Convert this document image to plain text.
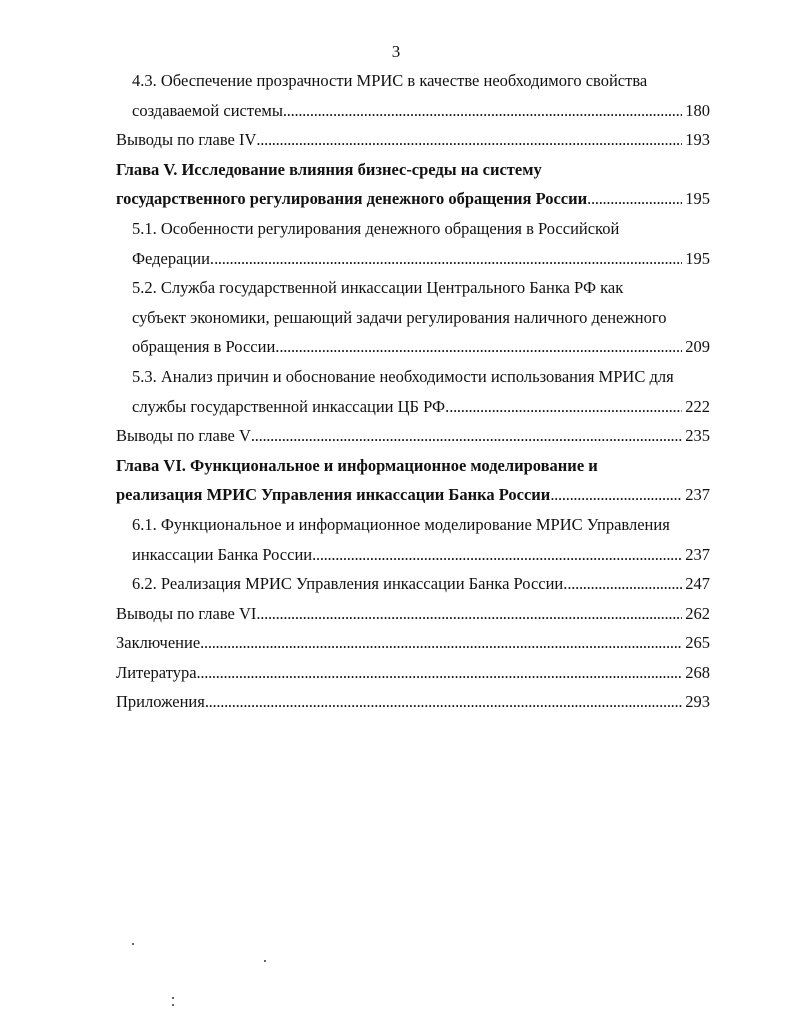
3
4.3. Обеспечение прозрачности МРИС в качестве необходимого свойства
создаваемой системы . . .	180
Выводы по главе IV . . .	193
Глава V. Исследование влияния бизнес-среды на систему
государственного регулирования денежного обращения России . . .	195
5.1. Особенности регулирования денежного обращения в Российской
Федерации. . . .	195
5.2. Служба государственной инкассации Центрального Банка РФ как
субъект экономики, решающий задачи регулирования наличного денежного
обращения в России. . . .	209
5.3. Анализ причин и обоснование необходимости использования МРИС для
службы государственной инкассации ЦБ РФ. . . .	222
Выводы по главе V . . .	235
Глава VI. Функциональное и информационное моделирование и
реализация МРИС Управления инкассации Банка России . . .	237
6.1. Функциональное и информационное моделирование МРИС Управления
инкассации Банка России . . .	237
6.2. Реализация МРИС Управления инкассации Банка России. . . .	247
Выводы по главе VI . . .	262
Заключение . . .	265
Литература . . .	268
Приложения . . .	293
